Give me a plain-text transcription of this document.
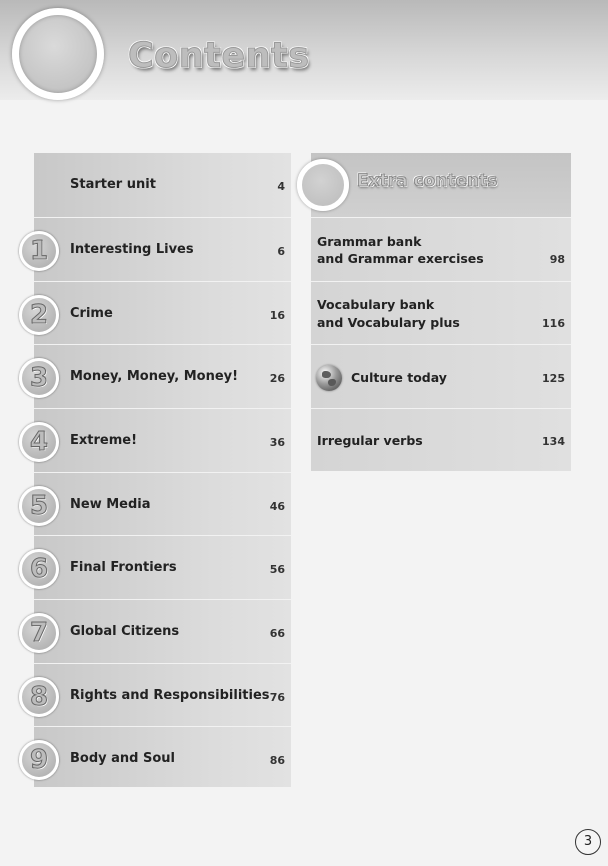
Contents
Starter unit	4
Interesting Lives	6
Crime	16
Money, Money, Money!	26
Extreme!	36
New Media	46
Final Frontiers	56
Global Citizens	66
Rights and Responsibilities 76
Body and Soul	86
1
2
3
4
5
6
7
8
9
Extra contents
Grammar bank
and Grammar exercises	98
Vocabulary bank
and Vocabulary plus	116
Culture today	125
Irregular verbs	134
3
